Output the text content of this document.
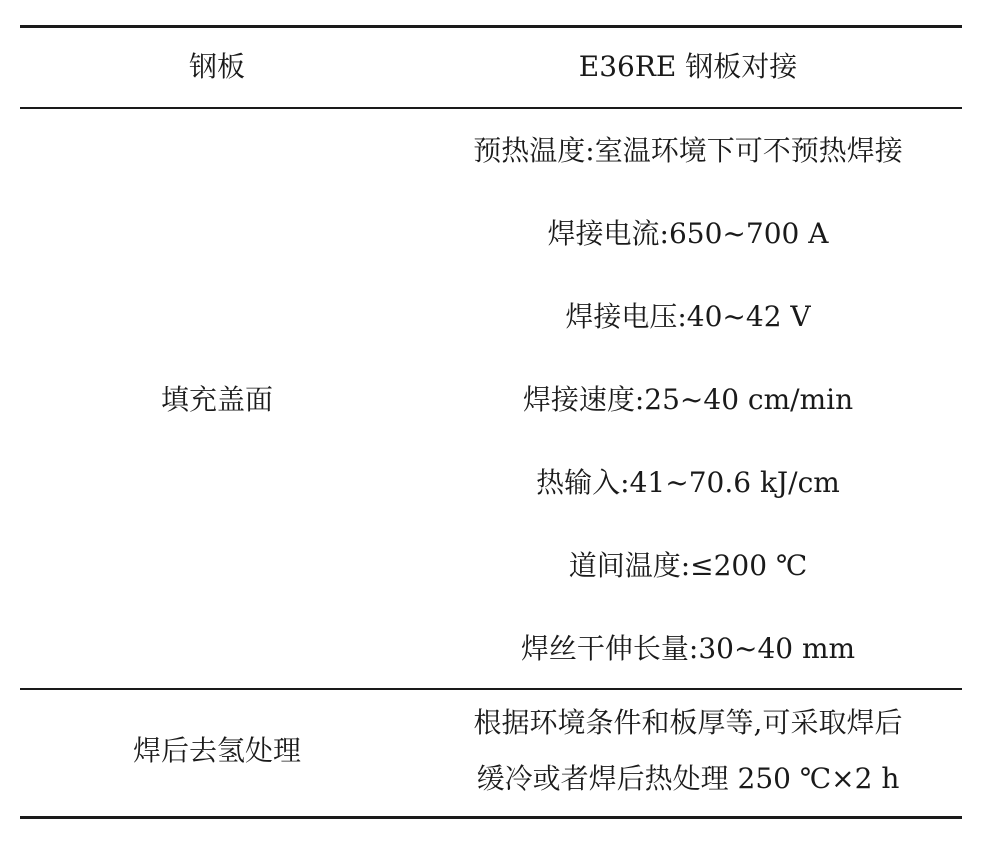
钢板	E36RE 钢板对接
填充盖面
预热温度:室温环境下可不预热焊接
焊接电流:650~700 A
焊接电压:40~42 V
焊接速度:25~40 cm/min
热输入:41~70.6 kJ/cm
道间温度:≤200 ℃
焊丝干伸长量:30~40 mm
焊后去氢处理
根据环境条件和板厚等,可采取焊后
缓冷或者焊后热处理 250 ℃×2 h
